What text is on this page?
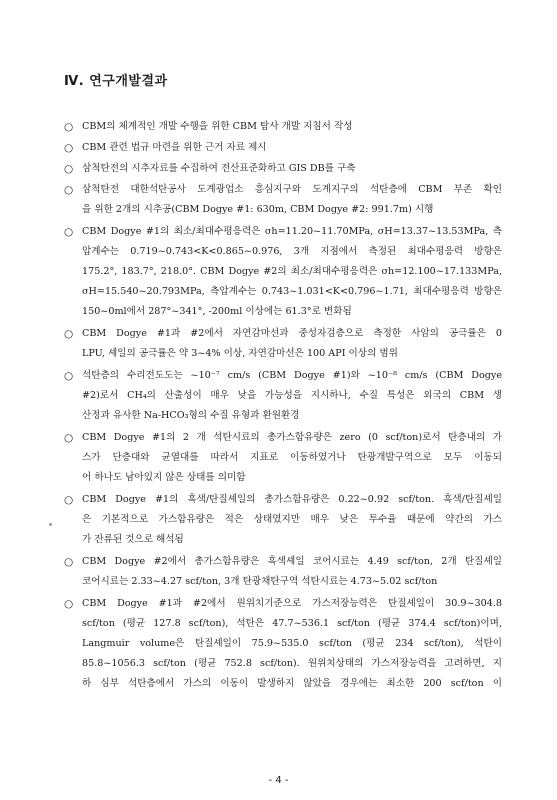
Ⅳ. 연구개발결과
○ CBM의 체계적인 개발 수행을 위한 CBM 탐사 개발 지침서 작성
○ CBM 관련 법규 마련을 위한 근거 자료 제시
○ 삼척탄전의 시추자료를 수집하여 전산표준화하고 GIS DB를 구축
○ 삼척탄전 대한석탄공사 도계광업소 흥심지구와 도계지구의 석탄층에 CBM 부존 확인
을 위한 2개의 시추공(CBM Dogye #1: 630m, CBM Dogye #2: 991.7m) 시행
○ CBM Dogye #1의 최소/최대수평응력은 σh=11.20~11.70MPa, σH=13.37~13.53MPa, 측
압계수는 0.719~0.743<K<0.865~0.976, 3개 지점에서 측정된 최대수평응력 방향은
175.2°, 183.7°, 218.0°. CBM Dogye #2의 최소/최대수평응력은 σh=12.100~17.133MPa,
σH=15.540~20.793MPa, 측압계수는 0.743~1.031<K<0.796~1.71, 최대수평응력 방향은
150~0ml에서 287°~341°, -200ml 이상에는 61.3°로 변화됨
○ CBM Dogye #1과 #2에서 자연감마선과 중성자검층으로 측정한 사암의 공극률은 0
LPU, 셰일의 공극률은 약 3~4% 이상, 자연감마선은 100 API 이상의 범위
○ 석탄층의 수리전도도는 ~10⁻⁷ cm/s (CBM Dogye #1)와 ~10⁻⁸ cm/s (CBM Dogye
#2)로서 CH₄의 산출성이 매우 낮을 가능성을 지시하나, 수질 특성은 외국의 CBM 생
산정과 유사한 Na-HCO₃형의 수질 유형과 환원환경
○ CBM Dogye #1의 2 개 석탄시료의 총가스함유량은 zero (0 scf/ton)로서 탄층내의 가
스가 단층대와 균열대를 따라서 지표로 이동하였거나 탄광개발구역으로 모두 이동되
어 하나도 남아있지 않은 상태를 의미함
○ CBM Dogye #1의 흑색/탄질셰일의 총가스함유량은 0.22~0.92 scf/ton. 흑색/탄질셰일
은 기본적으로 가스함유량은 적은 상태였지만 매우 낮은 투수율 때문에 약간의 가스
가 잔류된 것으로 해석됨
○ CBM Dogye #2에서 총가스함유량은 흑색셰일 코어시료는 4.49 scf/ton, 2개 탄질셰일
코어시료는 2.33~4.27 scf/ton, 3개 탄광채탄구역 석탄시료는 4.73~5.02 scf/ton
○ CBM Dogye #1과 #2에서 원위치기준으로 가스저장능력은 탄질셰일이 30.9~304.8
scf/ton (평균 127.8 scf/ton), 석탄은 47.7~536.1 scf/ton (평균 374.4 scf/ton)이며,
Langmuir volume은 탄질셰일이 75.9~535.0 scf/ton (평균 234 scf/ton), 석탄이
85.8~1056.3 scf/ton (평균 752.8 scf/ton). 원위치상태의 가스저장능력을 고려하면, 지
하 심부 석탄층에서 가스의 이동이 발생하지 않았을 경우에는 최소한 200 scf/ton 이
- 4 -
